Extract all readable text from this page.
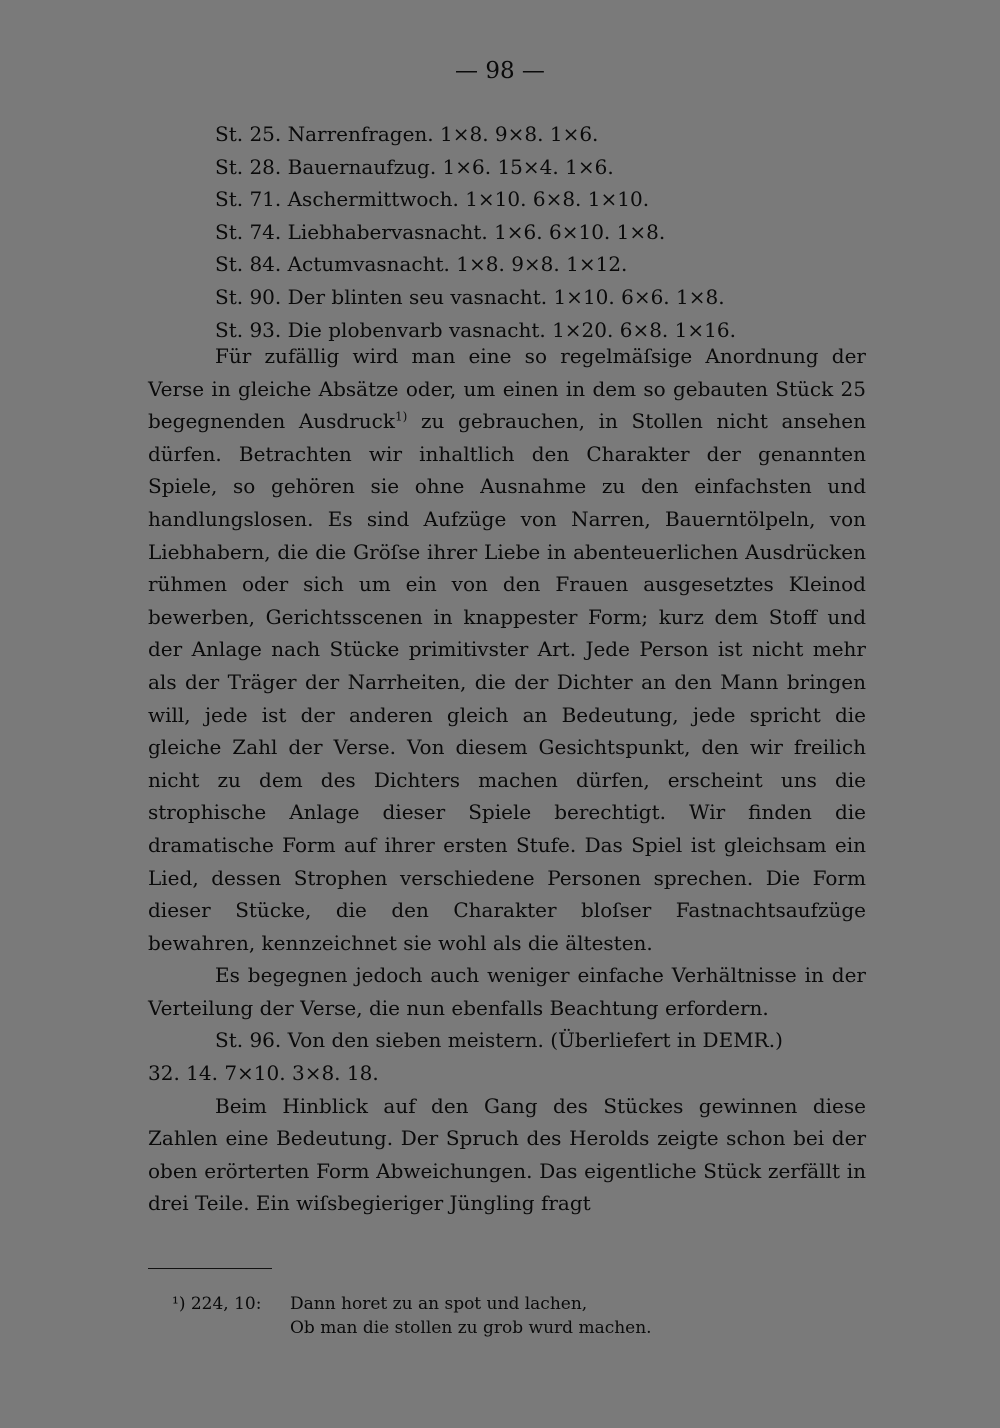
— 98 —
St. 25. Narrenfragen. 1×8. 9×8. 1×6.
St. 28. Bauernaufzug. 1×6. 15×4. 1×6.
St. 71. Aschermittwoch. 1×10. 6×8. 1×10.
St. 74. Liebhabervasnacht. 1×6. 6×10. 1×8.
St. 84. Actumvasnacht. 1×8. 9×8. 1×12.
St. 90. Der blinten seu vasnacht. 1×10. 6×6. 1×8.
St. 93. Die plobenvarb vasnacht. 1×20. 6×8. 1×16.

Für zufällig wird man eine so regelmäſsige Anordnung der Verse in gleiche Absätze oder, um einen in dem so gebauten Stück 25 begegnenden Ausdruck$^{1)}$ zu gebrauchen, in Stollen nicht ansehen dürfen. Betrachten wir inhaltlich den Charakter der genannten Spiele, so gehören sie ohne Ausnahme zu den einfachsten und handlungslosen. Es sind Aufzüge von Narren, Bauerntölpeln, von Liebhabern, die die Gröſse ihrer Liebe in abenteuerlichen Ausdrücken rühmen oder sich um ein von den Frauen ausgesetztes Kleinod bewerben, Gerichtsscenen in knappester Form; kurz dem Stoff und der Anlage nach Stücke primitivster Art. Jede Person ist nicht mehr als der Träger der Narrheiten, die der Dichter an den Mann bringen will, jede ist der anderen gleich an Bedeutung, jede spricht die gleiche Zahl der Verse. Von diesem Gesichtspunkt, den wir freilich nicht zu dem des Dichters machen dürfen, erscheint uns die strophische Anlage dieser Spiele berechtigt. Wir finden die dramatische Form auf ihrer ersten Stufe. Das Spiel ist gleichsam ein Lied, dessen Strophen verschiedene Personen sprechen. Die Form dieser Stücke, die den Charakter bloſser Fastnachtsaufzüge bewahren, kennzeichnet sie wohl als die ältesten.

Es begegnen jedoch auch weniger einfache Verhältnisse in der Verteilung der Verse, die nun ebenfalls Beachtung erfordern.

St. 96. Von den sieben meistern. (Überliefert in DEMR.)

32. 14. 7×10. 3×8. 18.

Beim Hinblick auf den Gang des Stückes gewinnen diese Zahlen eine Bedeutung. Der Spruch des Herolds zeigte schon bei der oben erörterten Form Abweichungen. Das eigentliche Stück zerfällt in drei Teile. Ein wiſsbegieriger Jüngling fragt

¹) 224, 10:	Dann horet zu an spot und lachen,
Ob man die stollen zu grob wurd machen.
